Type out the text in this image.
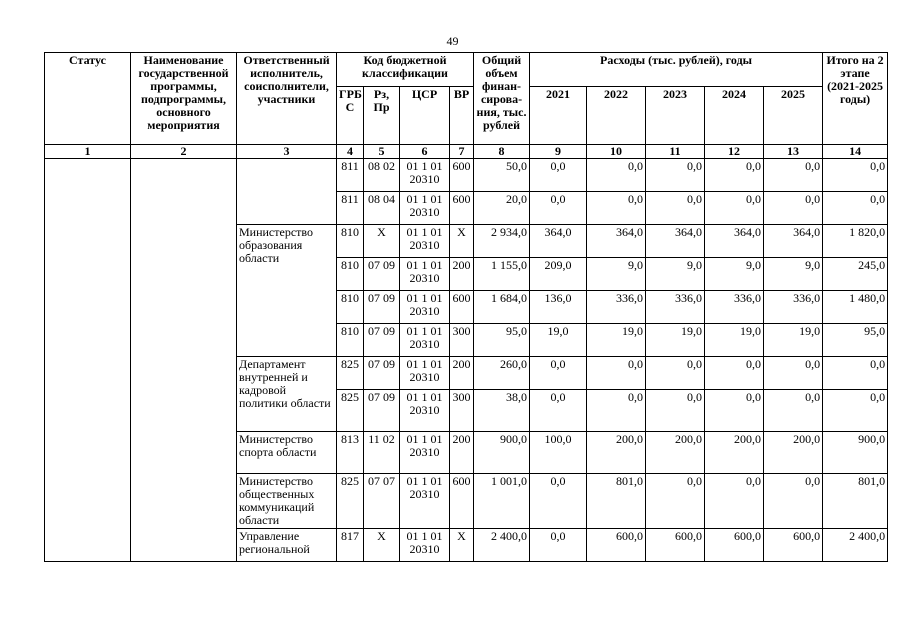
49
Статус	Наименование государственной программы, подпрограммы, основного мероприятия	Ответственный исполнитель, соисполнители, участники	Код бюджетной классификации				Общий объем финан-сирова-ния, тыс. рублей	Расходы (тыс. рублей), годы					Итого на 2 этапе (2021-2025 годы)
			ГРБ С	Рз, Пр	ЦСР	ВР		2021	2022	2023	2024	2025	
1	2	3	4	5	6	7	8	9	10	11	12	13	14
			811	08 02	01 1 01 20310	600	50,0	0,0	0,0	0,0	0,0	0,0	0,0
			811	08 04	01 1 01 20310	600	20,0	0,0	0,0	0,0	0,0	0,0	0,0
		Министерство образования области	810	Х	01 1 01 20310	Х	2 934,0	364,0	364,0	364,0	364,0	364,0	1 820,0
			810	07 09	01 1 01 20310	200	1 155,0	209,0	9,0	9,0	9,0	9,0	245,0
			810	07 09	01 1 01 20310	600	1 684,0	136,0	336,0	336,0	336,0	336,0	1 480,0
			810	07 09	01 1 01 20310	300	95,0	19,0	19,0	19,0	19,0	19,0	95,0
		Департамент внутренней и кадровой политики области	825	07 09	01 1 01 20310	200	260,0	0,0	0,0	0,0	0,0	0,0	0,0
			825	07 09	01 1 01 20310	300	38,0	0,0	0,0	0,0	0,0	0,0	0,0
		Министерство спорта области	813	11 02	01 1 01 20310	200	900,0	100,0	200,0	200,0	200,0	200,0	900,0
		Министерство общественных коммуникаций области	825	07 07	01 1 01 20310	600	1 001,0	0,0	801,0	0,0	0,0	0,0	801,0
		Управление региональной	817	Х	01 1 01 20310	Х	2 400,0	0,0	600,0	600,0	600,0	600,0	2 400,0
